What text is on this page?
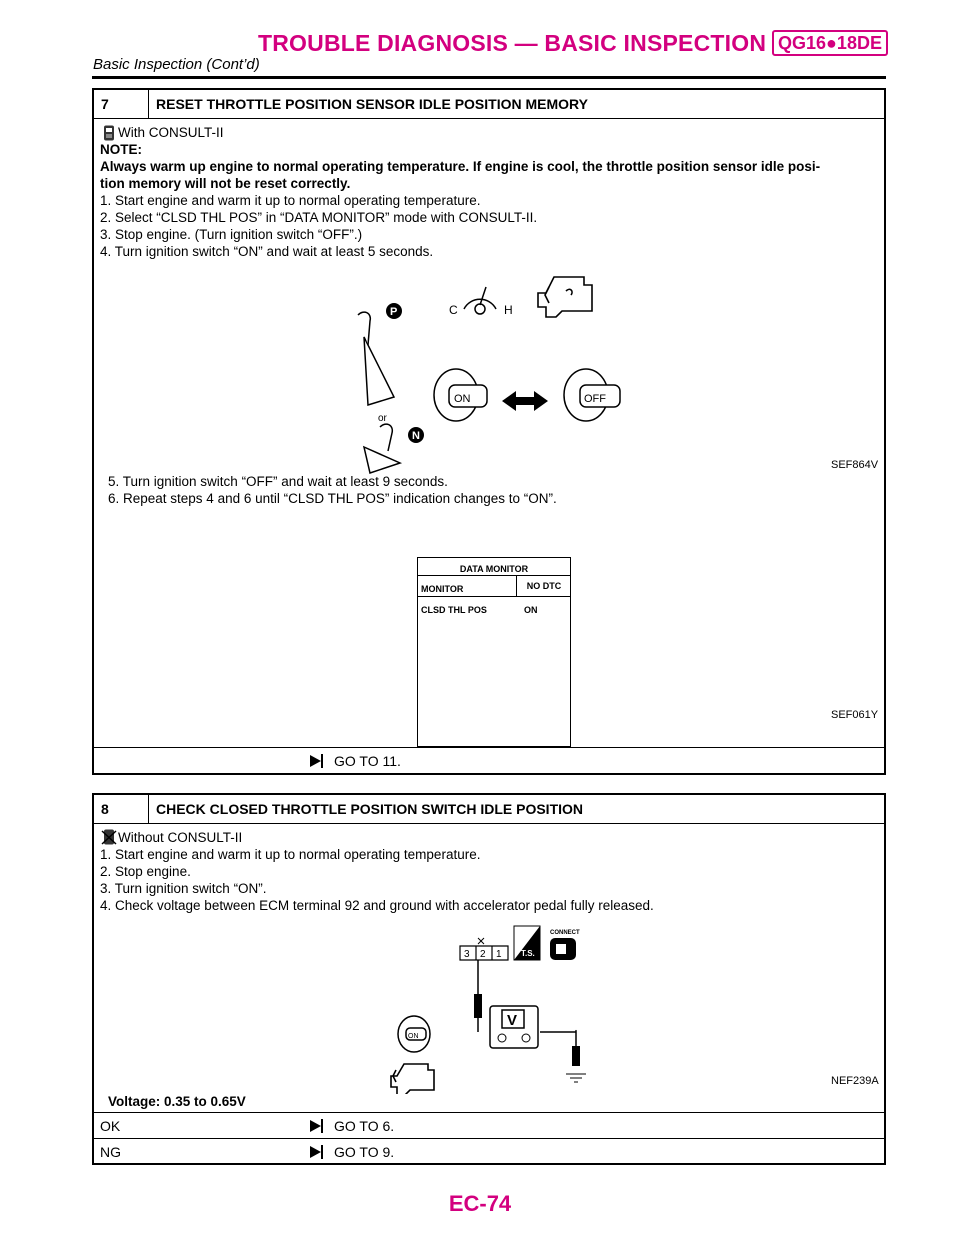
TROUBLE DIAGNOSIS — BASIC INSPECTION QG16●18DE
Basic Inspection (Cont’d)
7	RESET THROTTLE POSITION SENSOR IDLE POSITION MEMORY
With CONSULT-II
NOTE:
Always warm up engine to normal operating temperature. If engine is cool, the throttle position sensor idle posi-
tion memory will not be reset correctly.
1. Start engine and warm it up to normal operating temperature.
2. Select “CLSD THL POS” in “DATA MONITOR” mode with CONSULT-II.
3. Stop engine. (Turn ignition switch “OFF”.)
4. Turn ignition switch “ON” and wait at least 5 seconds.
C	H
P
or
N
ON	OFF
SEF864V
5. Turn ignition switch “OFF” and wait at least 9 seconds.
6. Repeat steps 4 and 6 until “CLSD THL POS” indication changes to “ON”.
DATA MONITOR
MONITOR	NO DTC
CLSD THL POS	ON
SEF061Y
GO TO 11.
8	CHECK CLOSED THROTTLE POSITION SWITCH IDLE POSITION
Without CONSULT-II
1. Start engine and warm it up to normal operating temperature.
2. Stop engine.
3. Turn ignition switch “ON”.
4. Check voltage between ECM terminal 92 and ground with accelerator pedal fully released.
3 2 1 T.S.
CONNECT
V
ON
NEF239A
Voltage: 0.35 to 0.65V
OK	GO TO 6.
NG	GO TO 9.
EC-74
